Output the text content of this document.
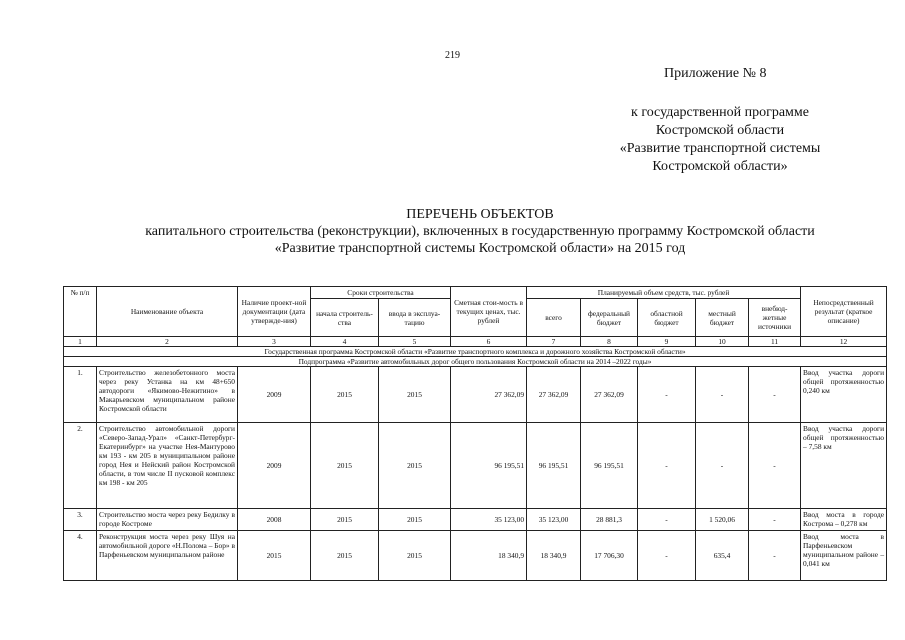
219
Приложение № 8
к государственной программе
Костромской области
«Развитие транспортной системы
Костромской области»
ПЕРЕЧЕНЬ ОБЪЕКТОВ
капитального строительства (реконструкции), включенных в государственную программу Костромской области
«Развитие транспортной системы Костромской области» на 2015 год
№ п/п	Наименование объекта	Наличие проект-ной документации (дата утвержде-ния)	Сроки строительства		Сметная стои-мость в текущих ценах, тыс. рублей	Планируемый объем средств, тыс. рублей					Непосредственный результат (краткое описание)
			начала строитель-ства	ввода в эксплуа-тацию		всего	федеральный бюджет	областной бюджет	местный бюджет	внебюд-жетные источники	
1	2	3	4	5	6	7	8	9	10	11	12
Государственная программа Костромской области «Развитие транспортного комплекса и дорожного хозяйства Костромской области»											
Подпрограмма «Развитие автомобильных дорог общего пользования Костромской области на 2014 –2022 годы»											
1.	Строительство железобетонного моста через реку Устанка на км 48+650 автодороги «Якимово-Нежитино» в Макарьевском муниципальном районе Костромской области	2009	2015	2015	27 362,09	27 362,09	27 362,09	-	-	-	Ввод участка дороги общей протяженностью 0,240 км
2.	Строительство автомобильной дороги «Северо-Запад-Урал» «Санкт-Петербург-Екатеринбург» на участке Нея-Мантурово км 193 - км 205 в муниципальном районе город Нея и Нейский район Костромской области, в том числе II пусковой комплекс км 198 - км 205	2009	2015	2015	96 195,51	96 195,51	96 195,51	-	-	-	Ввод участка дороги общей протяженностью – 7,58 км
3.	Строительство моста через реку Бедилку в городе Костроме	2008	2015	2015	35 123,00	35 123,00	28 881,3	-	1 520,06	-	Ввод моста в городе Кострома – 0,278 км
4.	Реконструкция моста через реку Шуя на автомобильной дороге «Н.Полома – Бор» в Парфеньевском муниципальном районе	2015	2015	2015	18 340,9	18 340,9	17 706,30	-	635,4	-	Ввод моста в Парфеньевском муниципальном районе – 0,041 км
